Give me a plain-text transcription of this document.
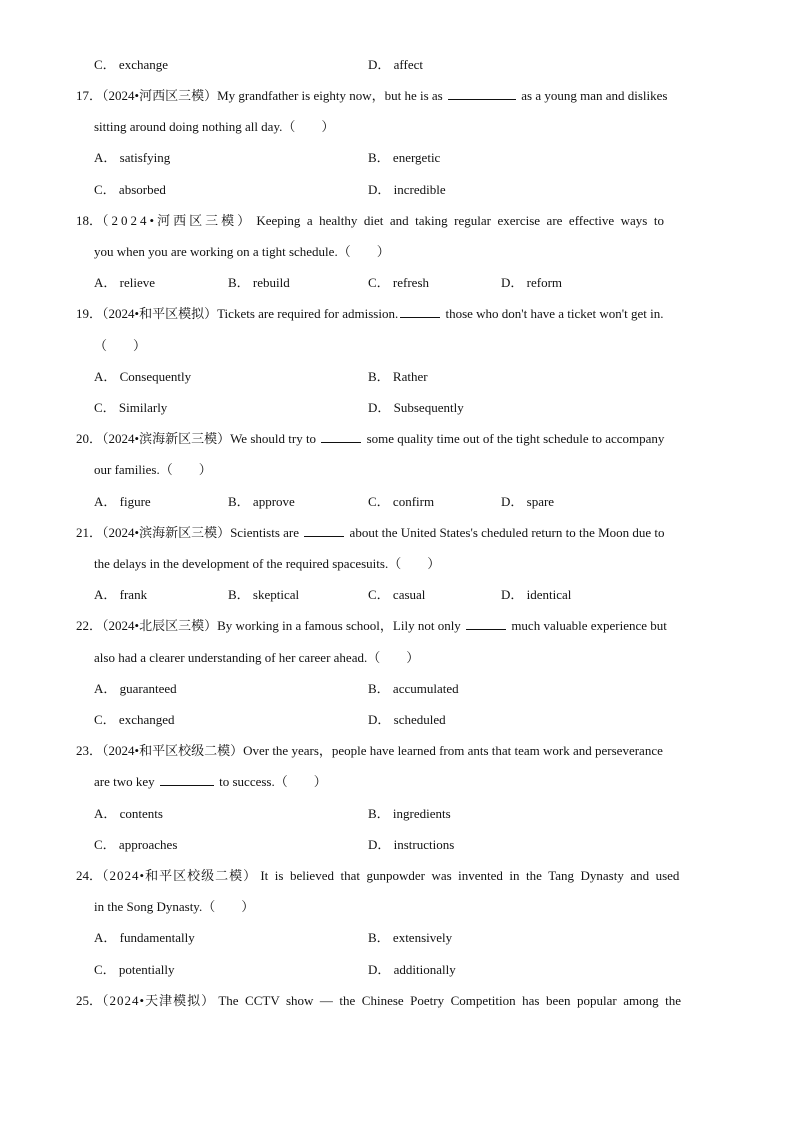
C． exchange	D． affect
17．（2024•河西区三模）My grandfather is eighty now，but he is as	as a young man and dislikes
sitting around doing nothing all day.（　　）
A． satisfying	B． energetic
C． absorbed	D． incredible
18．（2024•河西区三模） Keeping  a  healthy  diet  and  taking  regular  exercise  are  effective  ways  to
you when you are working on a tight schedule.（　　）
A． relieve	B． rebuild	C． refresh	D． reform
19．（2024•和平区模拟）Tickets are required for admission.	those who don't have a ticket won't get in.
（　　）
A． Consequently	B． Rather
C． Similarly	D． Subsequently
20．（2024•滨海新区三模）We should try to	some quality time out of the tight schedule to accompany
our families.（　　）
A． figure	B． approve	C． confirm	D． spare
21．（2024•滨海新区三模）Scientists are	about the United States's cheduled return to the Moon due to
the delays in the development of the required spacesuits.（　　）
A． frank	B． skeptical	C． casual	D． identical
22．（2024•北辰区三模）By working in a famous school，Lily not only	much valuable experience but
also had a clearer understanding of her career ahead.（　　）
A． guaranteed	B． accumulated
C． exchanged	D． scheduled
23．（2024•和平区校级二模）Over the years，people have learned from ants that team work and perseverance
are two key	to success.（　　）
A． contents	B． ingredients
C． approaches	D． instructions
24．（2024•和平区校级二模） It  is  believed  that  gunpowder  was  invented  in  the  Tang  Dynasty  and  used
in the Song Dynasty.（　　）
A． fundamentally	B． extensively
C． potentially	D． additionally
25．（2024•天津模拟） The  CCTV  show  —  the  Chinese  Poetry  Competition  has  been  popular  among  the
